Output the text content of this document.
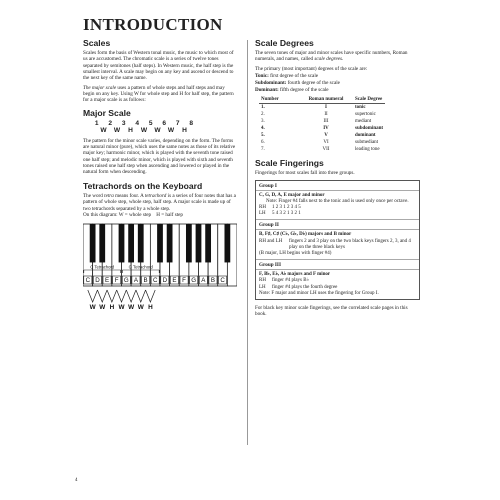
INTRODUCTION
Scales

Scales form the basis of Western tonal music, the music to which most of us are accustomed. The chromatic scale is a series of twelve tones separated by semitones (half steps). In Western music, the half step is the smallest interval. A scale may begin on any key and ascend or descend to the next key of the same name.

The major scale uses a pattern of whole steps and half steps and may begin on any key. Using W for whole step and H for half step, the pattern for a major scale is as follows:

Major Scale
1	2	3	4	5	6	7	8
W	W	H	W	W	W	H

The pattern for the minor scale varies, depending on the form. The forms are natural minor (pure), which uses the same notes as those of its relative major key; harmonic minor, which is played with the seventh tone raised one half step; and melodic minor, which is played with sixth and seventh tones raised one half step when ascending and lowered or played in the natural form when descending.

Tetrachords on the Keyboard

The word tetra means four. A tetrachord is a series of four notes that has a pattern of whole step, whole step, half step. A major scale is made up of two tetrachords separated by a whole step.

On this diagram: W = whole step    H = half step

C Tetrachord	G Tetrachord
C D E F G A B C D E F G A B C
W W H W W W H
Scale Degrees

The seven tones of major and minor scales have specific numbers, Roman numerals, and names, called scale degrees.

The primary (most important) degrees of the scale are:

Tonic: first degree of the scale
Subdominant: fourth degree of the scale
Dominant: fifth degree of the scale
Number	Roman numeral	Scale Degree
1.	I	tonic
2.	II	supertonic
3.	III	mediant
4.	IV	subdominant
5.	V	dominant
6.	VI	submediant
7.	VII	leading tone
Scale Fingerings

Fingerings for most scales fall into three groups.

Group I
C, G, D, A, E major and minor
Note: Finger #4 falls next to the tonic and is used only once per octave.
RH	1 2 3 1 2 3 4 5
LH	5 4 3 2 1 3 2 1
Group II
B, F♯, C♯ (C♭, G♭, D♭) majors and B minor
RH and LH	fingers 2 and 3 play on the two black keys fingers 2, 3, and 4 play on the three black keys
(B major, LH begins with finger #4)
Group III
F, B♭, E♭, A♭ majors and F minor
RH	finger #4 plays B♭
LH	finger #4 plays the fourth degree
Note: F major and minor LH uses the fingering for Group I.

For black key minor scale fingerings, see the correlated scale pages in this book.

4
